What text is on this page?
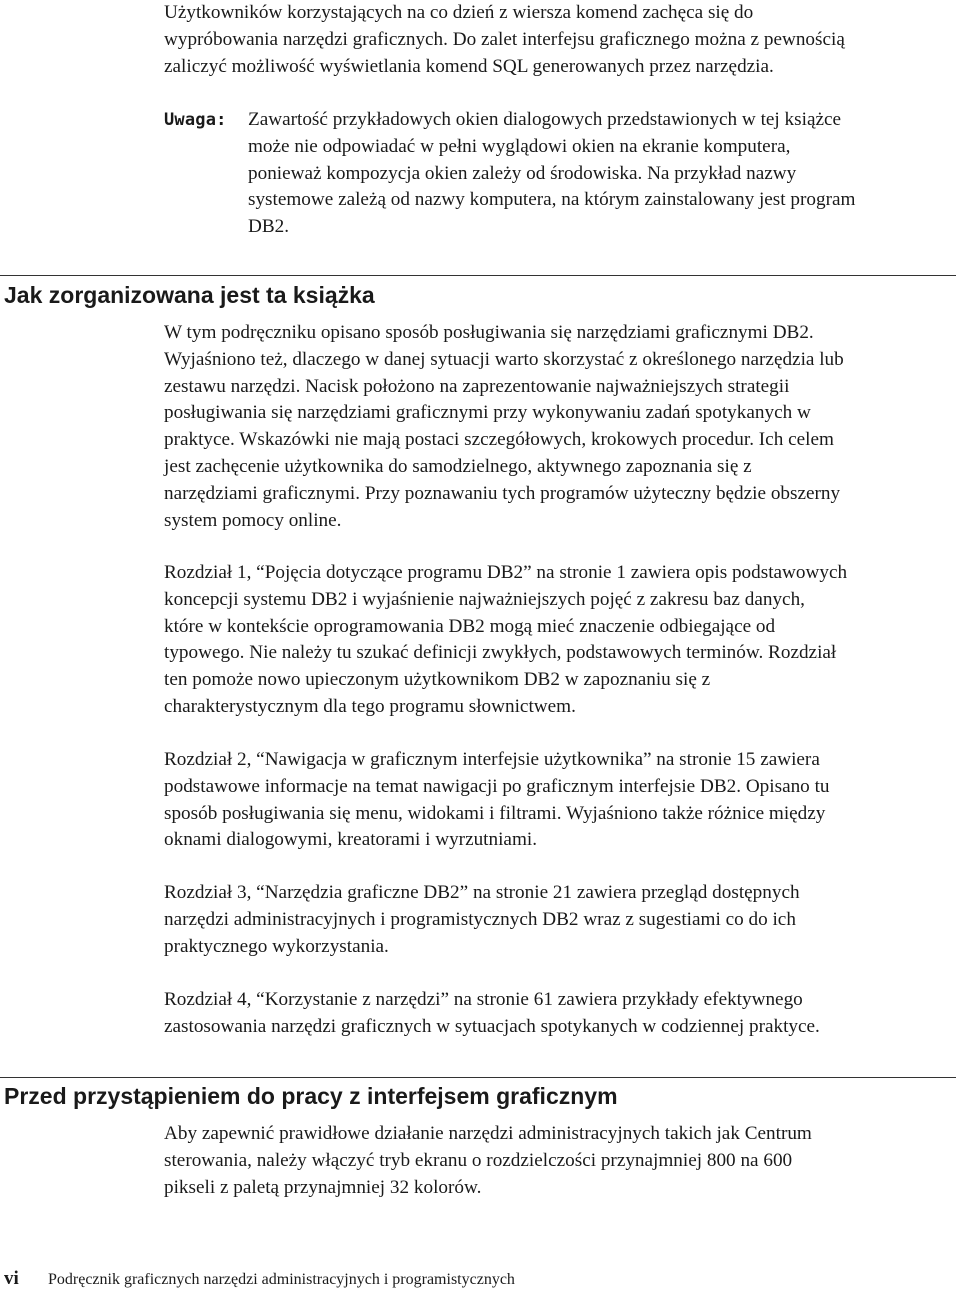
Użytkowników korzystających na co dzień z wiersza komend zachęca się do
wypróbowania narzędzi graficznych. Do zalet interfejsu graficznego można z pewnością
zaliczyć możliwość wyświetlania komend SQL generowanych przez narzędzia.

Uwaga: Zawartość przykładowych okien dialogowych przedstawionych w tej książce
może nie odpowiadać w pełni wyglądowi okien na ekranie komputera,
ponieważ kompozycja okien zależy od środowiska. Na przykład nazwy
systemowe zależą od nazwy komputera, na którym zainstalowany jest program
DB2.
Jak zorganizowana jest ta książka

W tym podręczniku opisano sposób posługiwania się narzędziami graficznymi DB2.
Wyjaśniono też, dlaczego w danej sytuacji warto skorzystać z określonego narzędzia lub
zestawu narzędzi. Nacisk położono na zaprezentowanie najważniejszych strategii
posługiwania się narzędziami graficznymi przy wykonywaniu zadań spotykanych w
praktyce. Wskazówki nie mają postaci szczegółowych, krokowych procedur. Ich celem
jest zachęcenie użytkownika do samodzielnego, aktywnego zapoznania się z
narzędziami graficznymi. Przy poznawaniu tych programów użyteczny będzie obszerny
system pomocy online.

Rozdział 1, “Pojęcia dotyczące programu DB2” na stronie 1 zawiera opis podstawowych
koncepcji systemu DB2 i wyjaśnienie najważniejszych pojęć z zakresu baz danych,
które w kontekście oprogramowania DB2 mogą mieć znaczenie odbiegające od
typowego. Nie należy tu szukać definicji zwykłych, podstawowych terminów. Rozdział
ten pomoże nowo upieczonym użytkownikom DB2 w zapoznaniu się z
charakterystycznym dla tego programu słownictwem.

Rozdział 2, “Nawigacja w graficznym interfejsie użytkownika” na stronie 15 zawiera
podstawowe informacje na temat nawigacji po graficznym interfejsie DB2. Opisano tu
sposób posługiwania się menu, widokami i filtrami. Wyjaśniono także różnice między
oknami dialogowymi, kreatorami i wyrzutniami.

Rozdział 3, “Narzędzia graficzne DB2” na stronie 21 zawiera przegląd dostępnych
narzędzi administracyjnych i programistycznych DB2 wraz z sugestiami co do ich
praktycznego wykorzystania.

Rozdział 4, “Korzystanie z narzędzi” na stronie 61 zawiera przykłady efektywnego
zastosowania narzędzi graficznych w sytuacjach spotykanych w codziennej praktyce.

Przed przystąpieniem do pracy z interfejsem graficznym

Aby zapewnić prawidłowe działanie narzędzi administracyjnych takich jak Centrum
sterowania, należy włączyć tryb ekranu o rozdzielczości przynajmniej 800 na 600
pikseli z paletą przynajmniej 32 kolorów.

vi Podręcznik graficznych narzędzi administracyjnych i programistycznych
